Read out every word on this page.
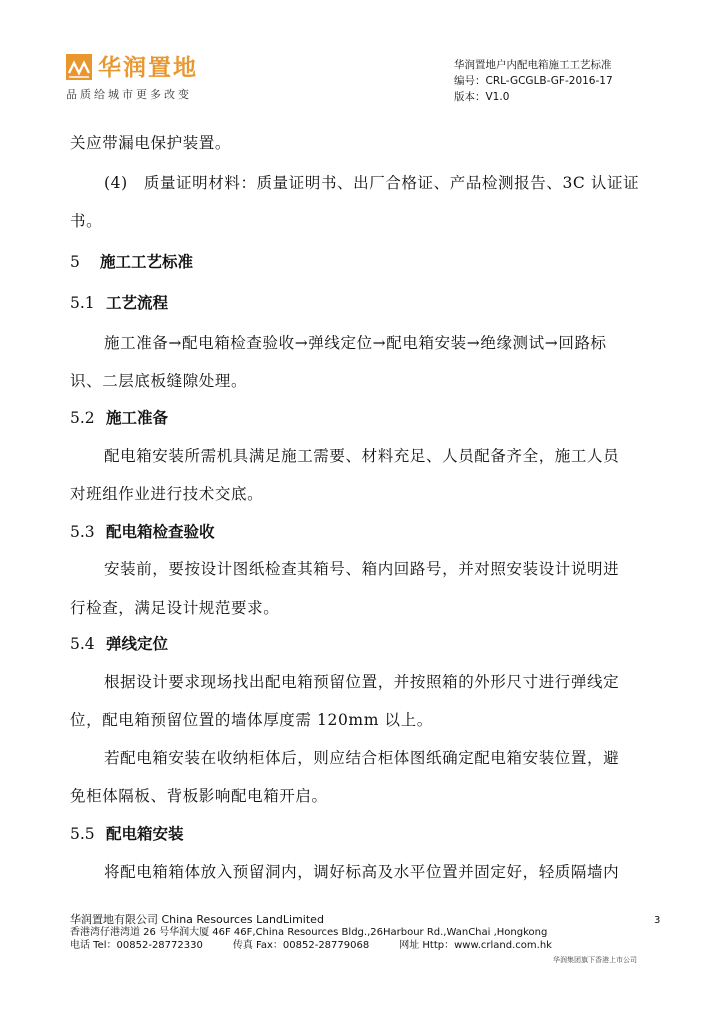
华润置地
品质给城市更多改变
华润置地户内配电箱施工工艺标准
编号：CRL-GCGLB-GF-2016-17
版本：V1.0
关应带漏电保护装置。
(4)　质量证明材料：质量证明书、出厂合格证、产品检测报告、3C 认证证
书。
5 施工工艺标准
5.1 工艺流程
施工准备→配电箱检查验收→弹线定位→配电箱安装→绝缘测试→回路标
识、二层底板缝隙处理。
5.2 施工准备
配电箱安装所需机具满足施工需要、材料充足、人员配备齐全，施工人员
对班组作业进行技术交底。
5.3 配电箱检查验收
安装前，要按设计图纸检查其箱号、箱内回路号，并对照安装设计说明进
行检查，满足设计规范要求。
5.4 弹线定位
根据设计要求现场找出配电箱预留位置，并按照箱的外形尺寸进行弹线定
位，配电箱预留位置的墙体厚度需 120mm 以上。
若配电箱安装在收纳柜体后，则应结合柜体图纸确定配电箱安装位置，避
免柜体隔板、背板影响配电箱开启。
5.5 配电箱安装
将配电箱箱体放入预留洞内，调好标高及水平位置并固定好，轻质隔墙内
华润置地有限公司 China Resources LandLimited
香港湾仔港湾道 26 号华润大厦 46F 46F,China Resources Bldg.,26Harbour Rd.,WanChai ,Hongkong
电话 Tel：00852-28772330　　　传真 Fax：00852-28779068　　　网址 Http：www.crland.com.hk
3
华润集团旗下香港上市公司
